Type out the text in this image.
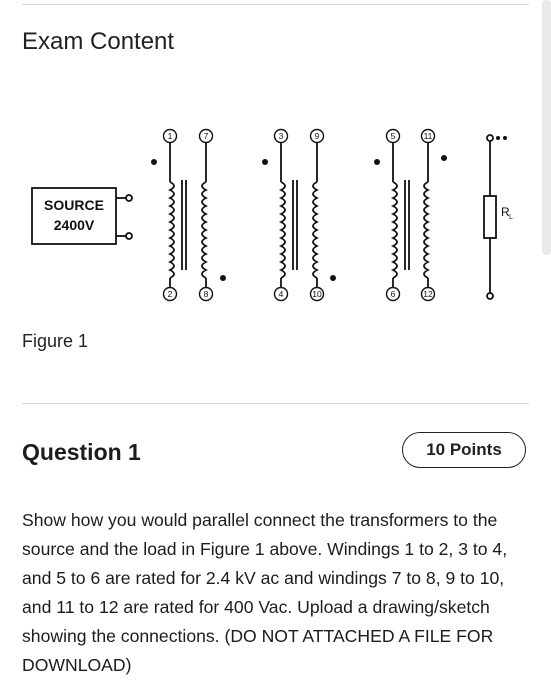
Exam Content
1	7	3	9	5	11
2	8	4	10	6	12
SOURCE
2400V
R L
Figure 1
Question 1	10 Points
Show how you would parallel connect the transformers to the source and the load in Figure 1 above. Windings 1 to 2, 3 to 4, and 5 to 6 are rated for 2.4 kV ac and windings 7 to 8, 9 to 10, and 11 to 12 are rated for 400 Vac. Upload a drawing/sketch showing the connections. (DO NOT ATTACHED A FILE FOR DOWNLOAD)
